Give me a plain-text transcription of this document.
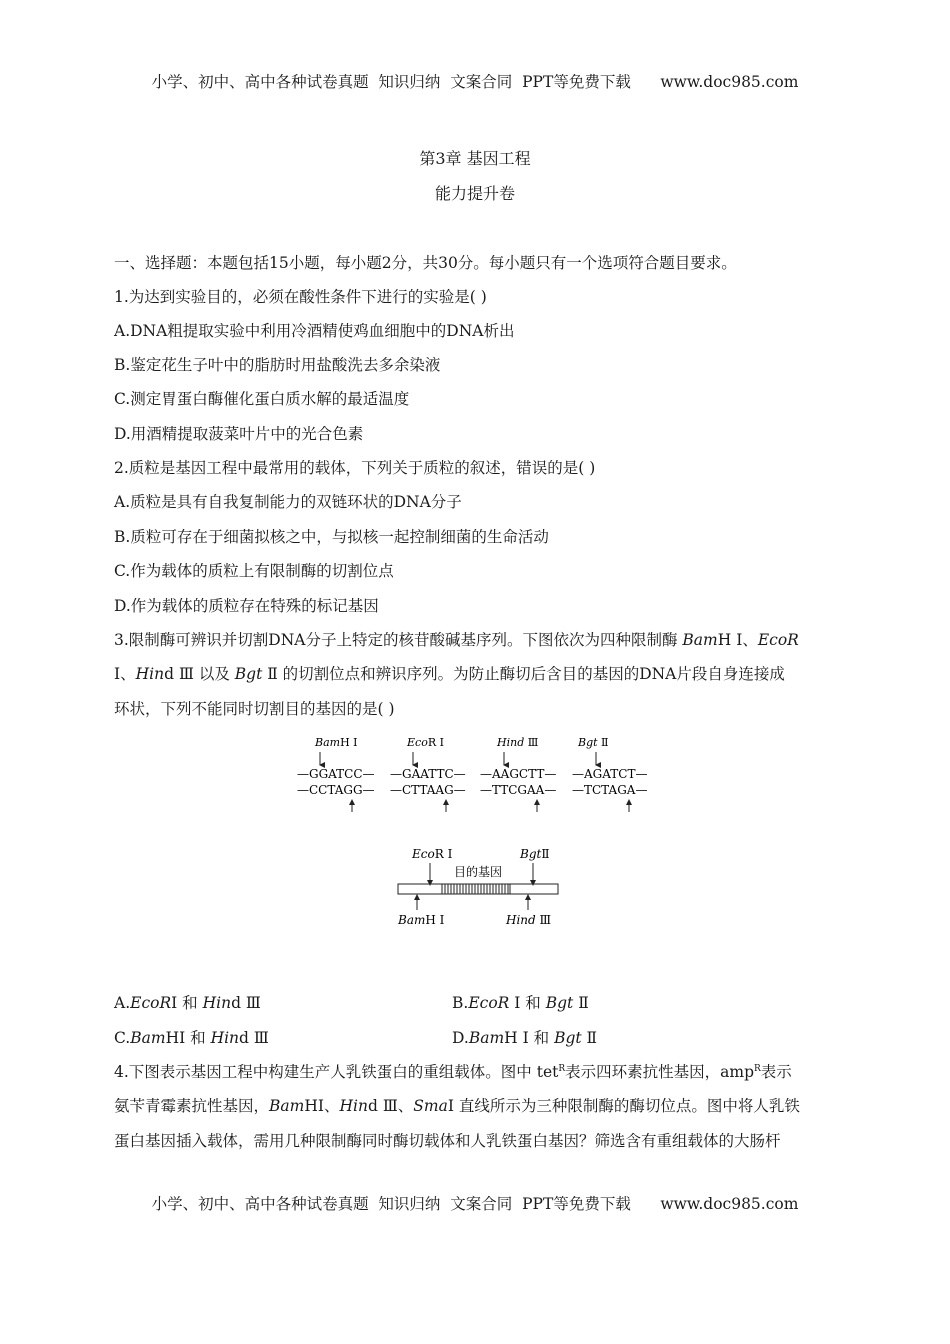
小学、初中、高中各种试卷真题  知识归纳  文案合同  PPT等免费下载      www.doc985.com
第3章 基因工程
能力提升卷
一、选择题：本题包括15小题，每小题2分，共30分。每小题只有一个选项符合题目要求。
1.为达到实验目的，必须在酸性条件下进行的实验是( )
A.DNA粗提取实验中利用冷酒精使鸡血细胞中的DNA析出
B.鉴定花生子叶中的脂肪时用盐酸洗去多余染液
C.测定胃蛋白酶催化蛋白质水解的最适温度
D.用酒精提取菠菜叶片中的光合色素
2.质粒是基因工程中最常用的载体，下列关于质粒的叙述，错误的是( )
A.质粒是具有自我复制能力的双链环状的DNA分子
B.质粒可存在于细菌拟核之中，与拟核一起控制细菌的生命活动
C.作为载体的质粒上有限制酶的切割位点
D.作为载体的质粒存在特殊的标记基因
3.限制酶可辨识并切割DNA分子上特定的核苷酸碱基序列。下图依次为四种限制酶 BamH Ⅰ、EcoR
Ⅰ、Hind Ⅲ 以及 Bgt Ⅱ 的切割位点和辨识序列。为防止酶切后含目的基因的DNA片段自身连接成
环状，下列不能同时切割目的基因的是( )
BamH Ⅰ
—GGATCC—
—CCTAGG—
EcoR Ⅰ
—GAATTC—
—CTTAAG—
Hind Ⅲ
—AAGCTT—
—TTCGAA—
Bgt Ⅱ
—AGATCT—
—TCTAGA—
EcoR Ⅰ	BgtⅡ
目的基因
BamH Ⅰ	Hind Ⅲ
A.EcoRⅠ 和 Hind Ⅲ	B.EcoR Ⅰ 和 Bgt Ⅱ
C.BamHⅠ 和 Hind Ⅲ	D.BamH Ⅰ 和 Bgt Ⅱ
4.下图表示基因工程中构建生产人乳铁蛋白的重组载体。图中 tet$^R$表示四环素抗性基因，amp$^R$表示
氨苄青霉素抗性基因，BamHⅠ、Hind Ⅲ、SmaⅠ 直线所示为三种限制酶的酶切位点。图中将人乳铁
蛋白基因插入载体，需用几种限制酶同时酶切载体和人乳铁蛋白基因？筛选含有重组载体的大肠杆
小学、初中、高中各种试卷真题  知识归纳  文案合同  PPT等免费下载      www.doc985.com
